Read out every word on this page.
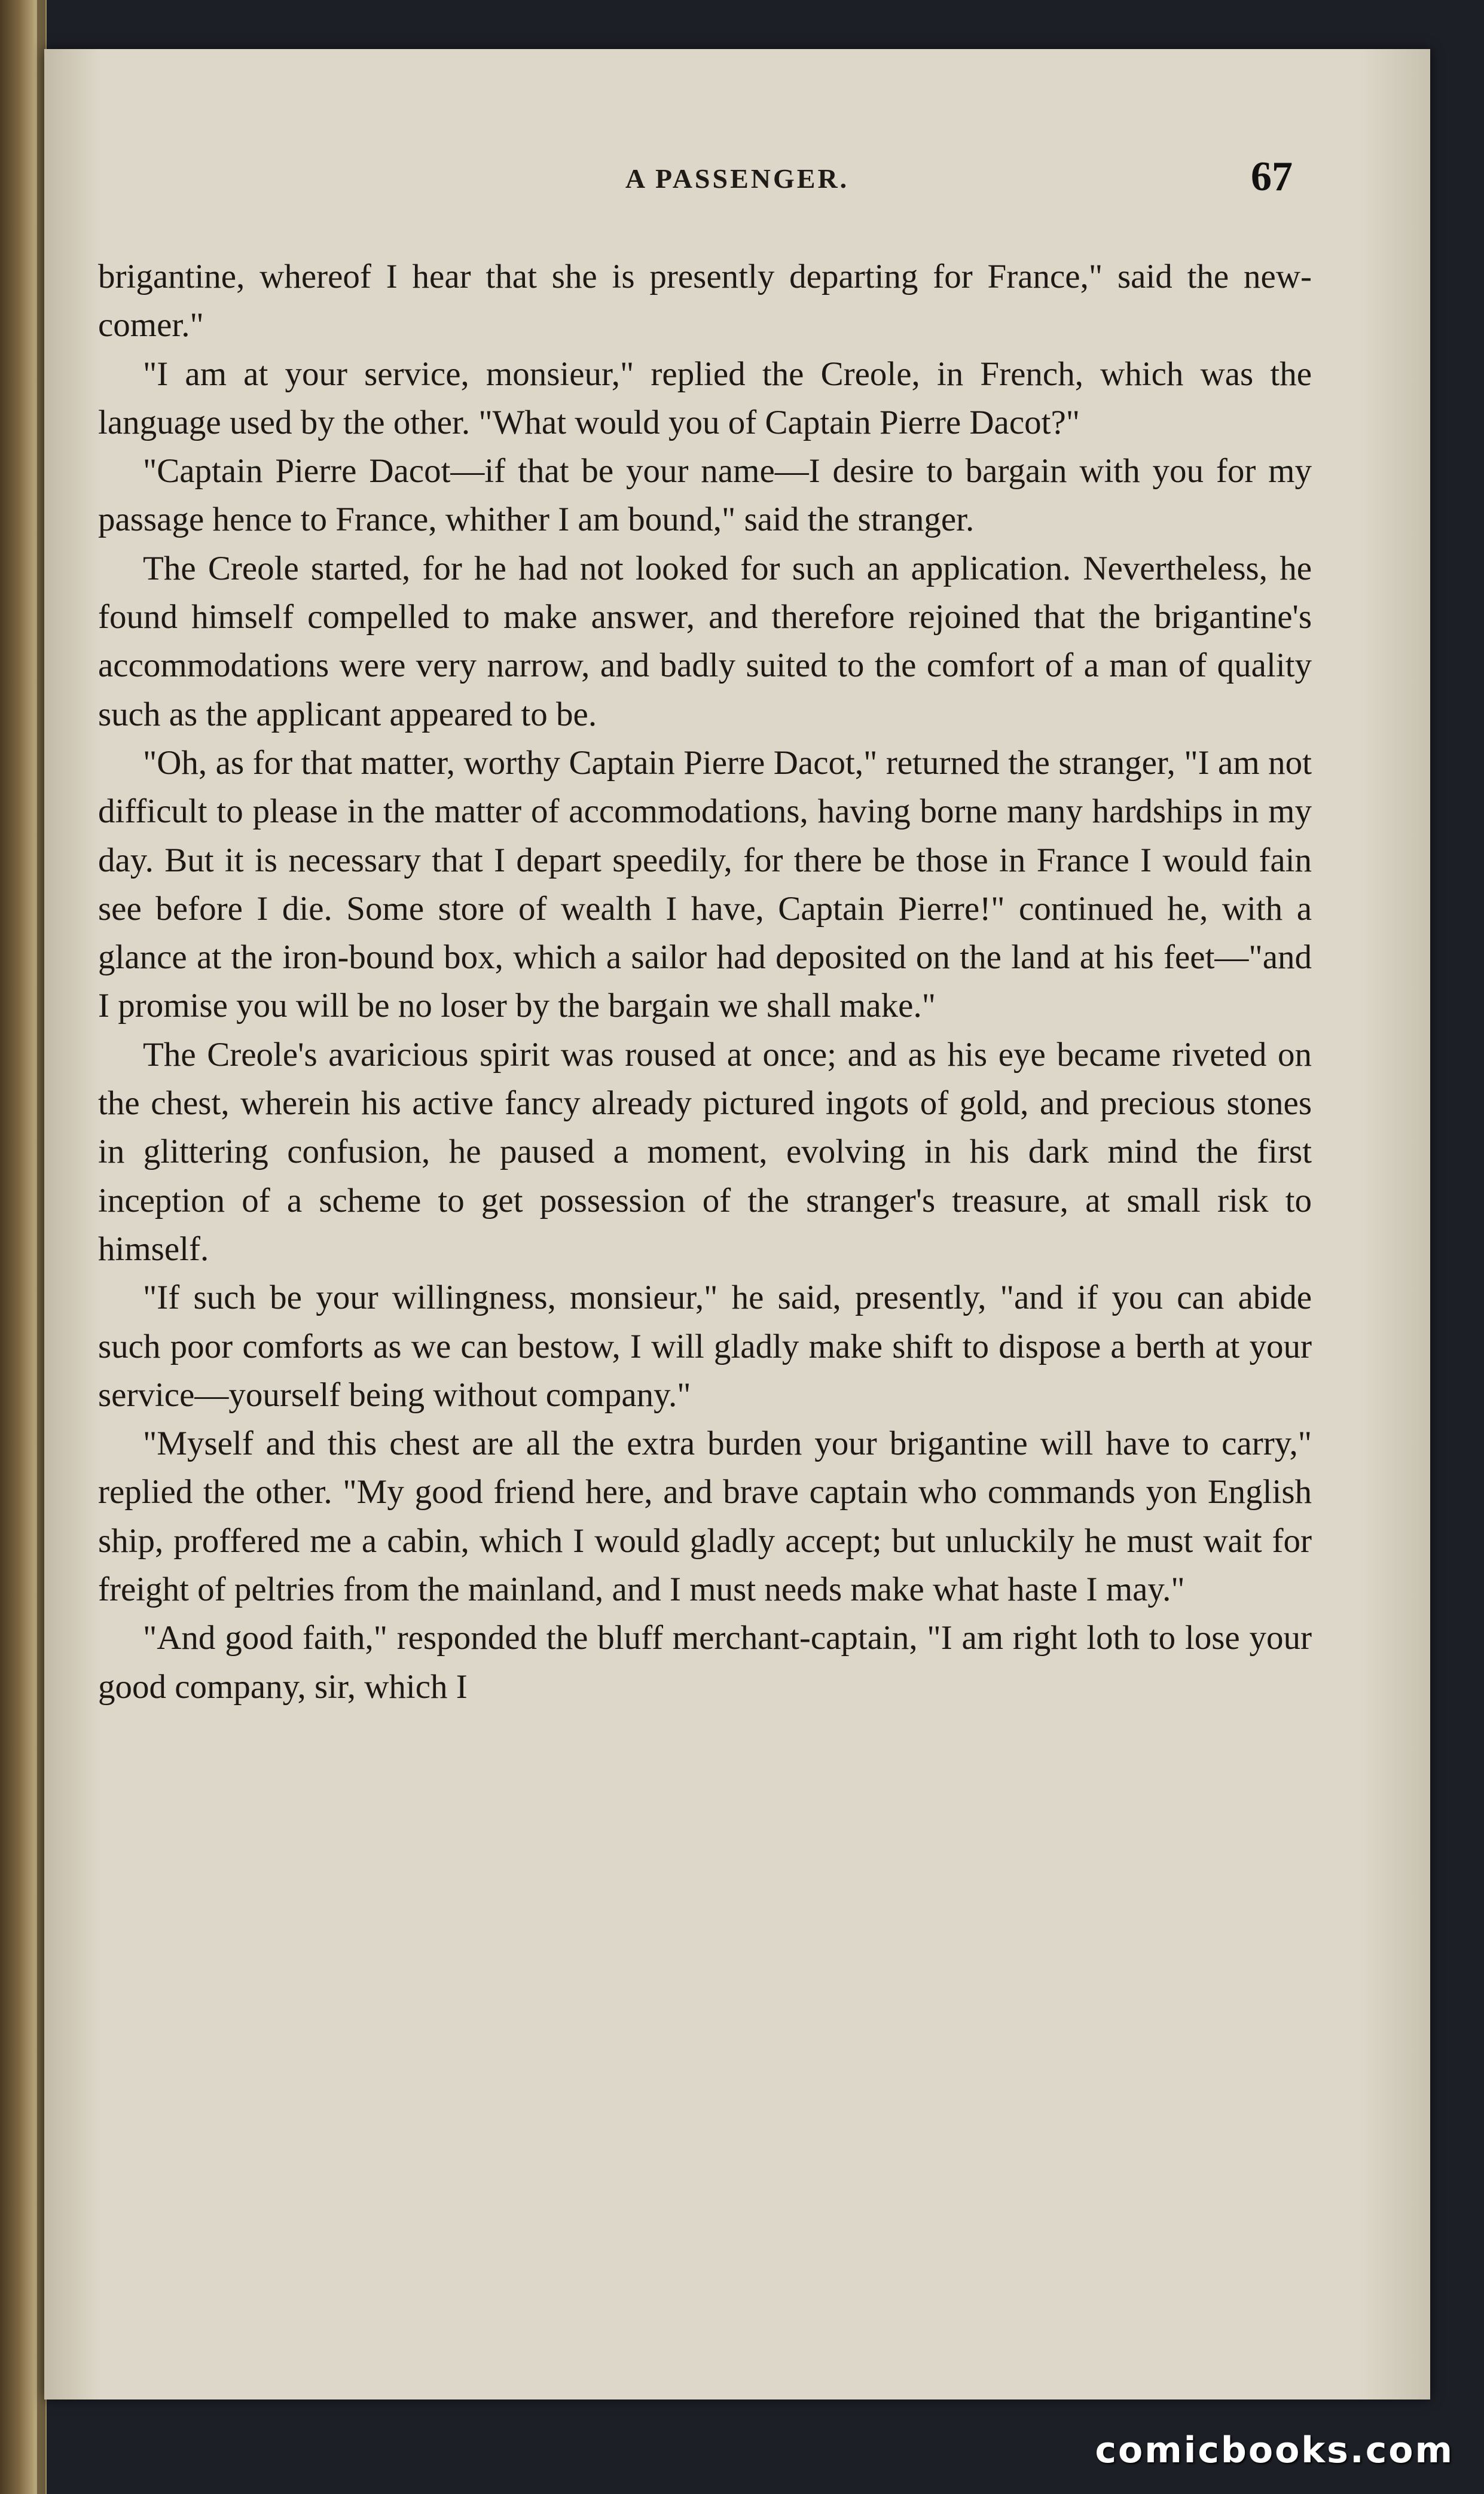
A PASSENGER.	67

brigantine, whereof I hear that she is presently departing for France," said the new-comer."

"I am at your service, monsieur," replied the Creole, in French, which was the language used by the other. "What would you of Captain Pierre Dacot?"

"Captain Pierre Dacot—if that be your name—I desire to bargain with you for my passage hence to France, whither I am bound," said the stranger.

The Creole started, for he had not looked for such an application. Nevertheless, he found himself compelled to make answer, and therefore rejoined that the brigantine's accommodations were very narrow, and badly suited to the comfort of a man of quality such as the applicant appeared to be.

"Oh, as for that matter, worthy Captain Pierre Dacot," returned the stranger, "I am not difficult to please in the matter of accommodations, having borne many hardships in my day. But it is necessary that I depart speedily, for there be those in France I would fain see before I die. Some store of wealth I have, Captain Pierre!" continued he, with a glance at the iron-bound box, which a sailor had deposited on the land at his feet—"and I promise you will be no loser by the bargain we shall make."

The Creole's avaricious spirit was roused at once; and as his eye became riveted on the chest, wherein his active fancy already pictured ingots of gold, and precious stones in glittering confusion, he paused a moment, evolving in his dark mind the first inception of a scheme to get possession of the stranger's treasure, at small risk to himself.

"If such be your willingness, monsieur," he said, presently, "and if you can abide such poor comforts as we can bestow, I will gladly make shift to dispose a berth at your service—yourself being without company."

"Myself and this chest are all the extra burden your brigantine will have to carry," replied the other. "My good friend here, and brave captain who commands yon English ship, proffered me a cabin, which I would gladly accept; but unluckily he must wait for freight of peltries from the mainland, and I must needs make what haste I may."

"And good faith," responded the bluff merchant-captain, "I am right loth to lose your good company, sir, which I

comicbooks.com
